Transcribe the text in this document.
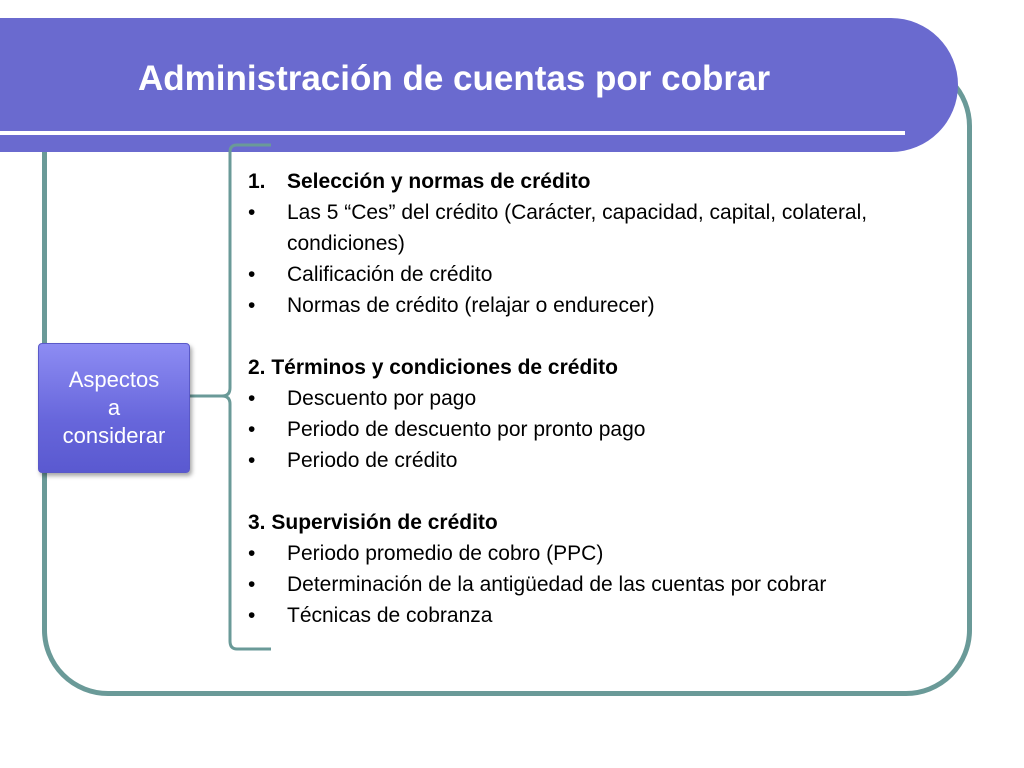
Administración de cuentas por cobrar
Aspectos
a
considerar
1.	Selección y normas de crédito
•	Las 5 “Ces” del crédito (Carácter, capacidad, capital, colateral, condiciones)
•	Calificación de crédito
•	Normas de crédito (relajar o endurecer)
2. Términos y condiciones de crédito
•	Descuento por pago
•	Periodo de descuento por pronto pago
•	Periodo de crédito
3. Supervisión de crédito
•	Periodo promedio de cobro (PPC)
•	Determinación de la antigüedad de las cuentas por cobrar
•	Técnicas de cobranza
